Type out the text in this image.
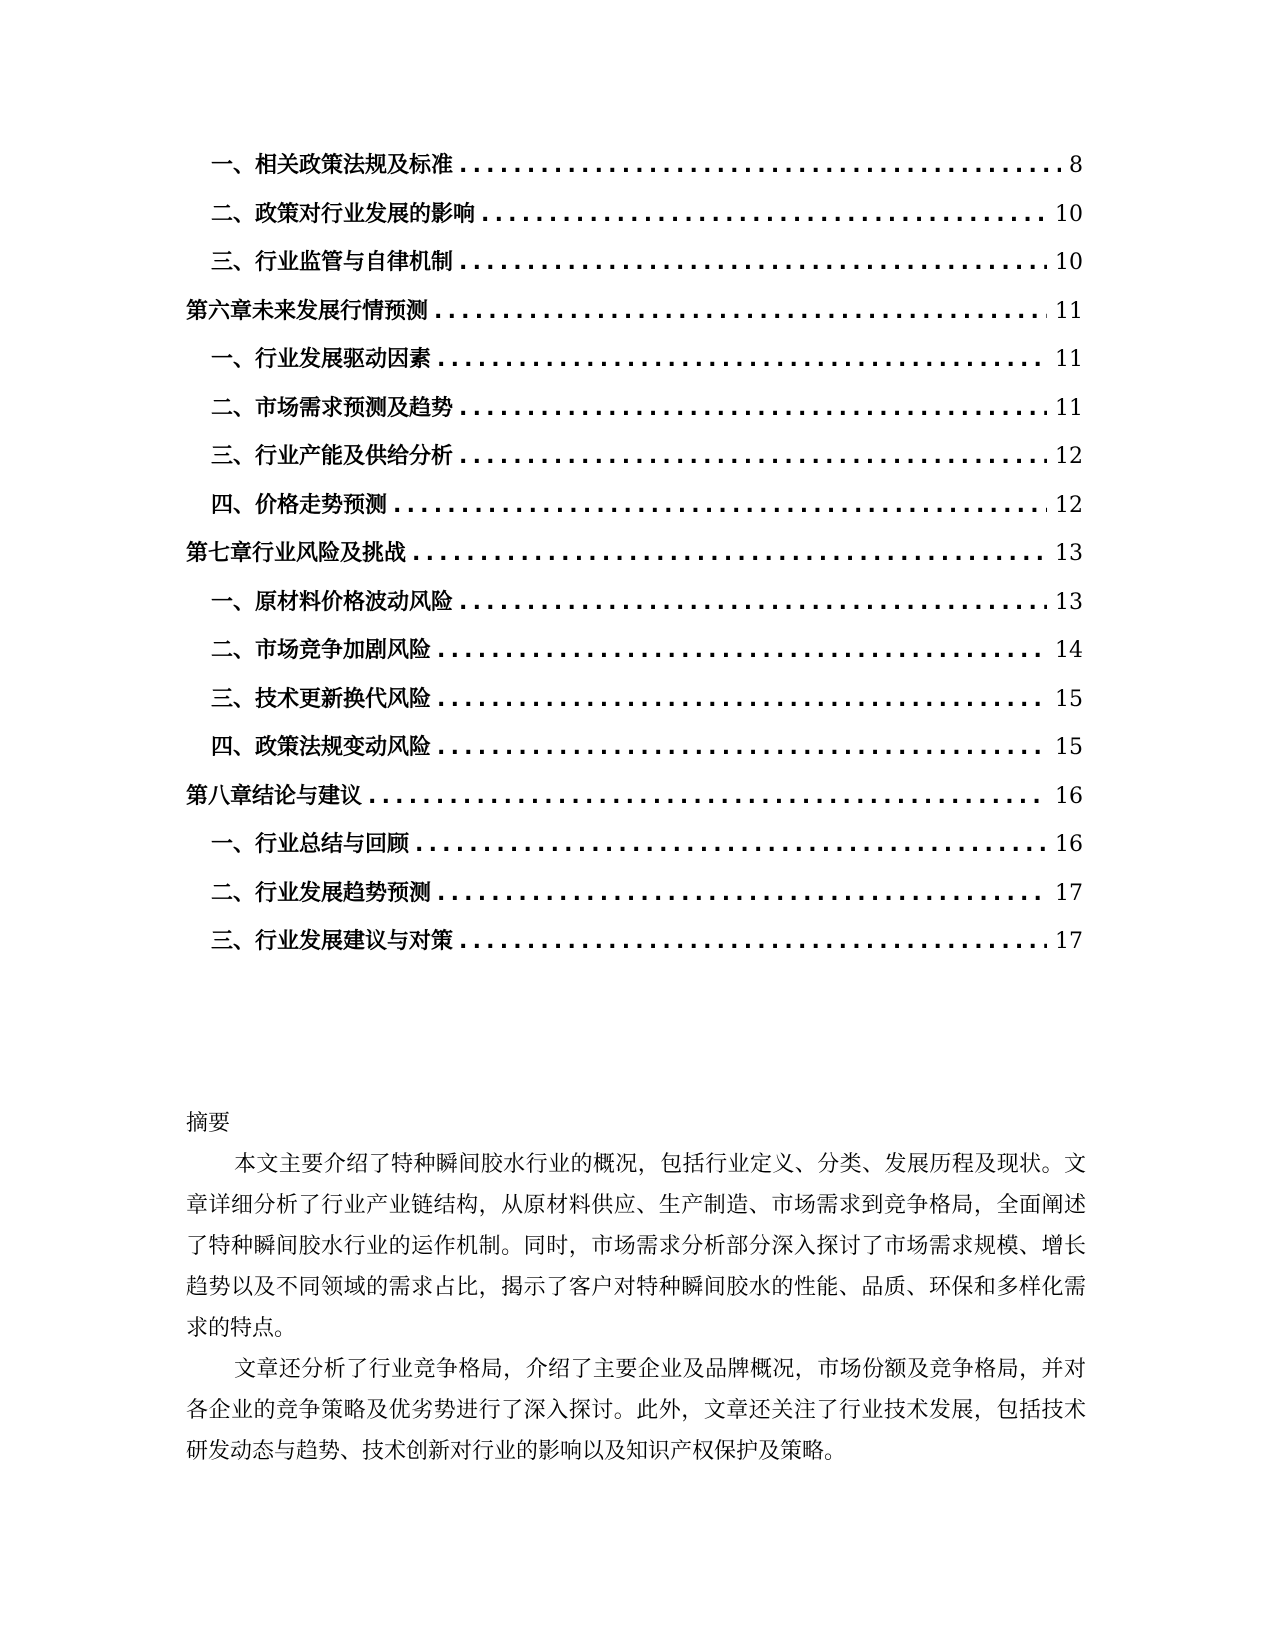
一、 相关政策法规及标准 .....	8
二、 政策对行业发展的影响 .....	10
三、 行业监管与自律机制 .....	10
第六章 未来发展行情预测 .....	11
一、 行业发展驱动因素 .....	11
二、 市场需求预测及趋势 .....	11
三、 行业产能及供给分析 .....	12
四、 价格走势预测 .....	12
第七章 行业风险及挑战 .....	13
一、 原材料价格波动风险 .....	13
二、 市场竞争加剧风险 .....	14
三、 技术更新换代风险 .....	15
四、 政策法规变动风险 .....	15
第八章 结论与建议 .....	16
一、 行业总结与回顾 .....	16
二、 行业发展趋势预测 .....	17
三、 行业发展建议与对策 .....	17

摘要

本文主要介绍了特种瞬间胶水行业的概况，包括行业定义、分类、发展历程及现状。文章详细分析了行业产业链结构，从原材料供应、生产制造、市场需求到竞争格局，全面阐述了特种瞬间胶水行业的运作机制。同时，市场需求分析部分深入探讨了市场需求规模、增长趋势以及不同领域的需求占比，揭示了客户对特种瞬间胶水的性能、品质、环保和多样化需求的特点。

文章还分析了行业竞争格局，介绍了主要企业及品牌概况，市场份额及竞争格局，并对各企业的竞争策略及优劣势进行了深入探讨。此外，文章还关注了行业技术发展，包括技术研发动态与趋势、技术创新对行业的影响以及知识产权保护及策略。
